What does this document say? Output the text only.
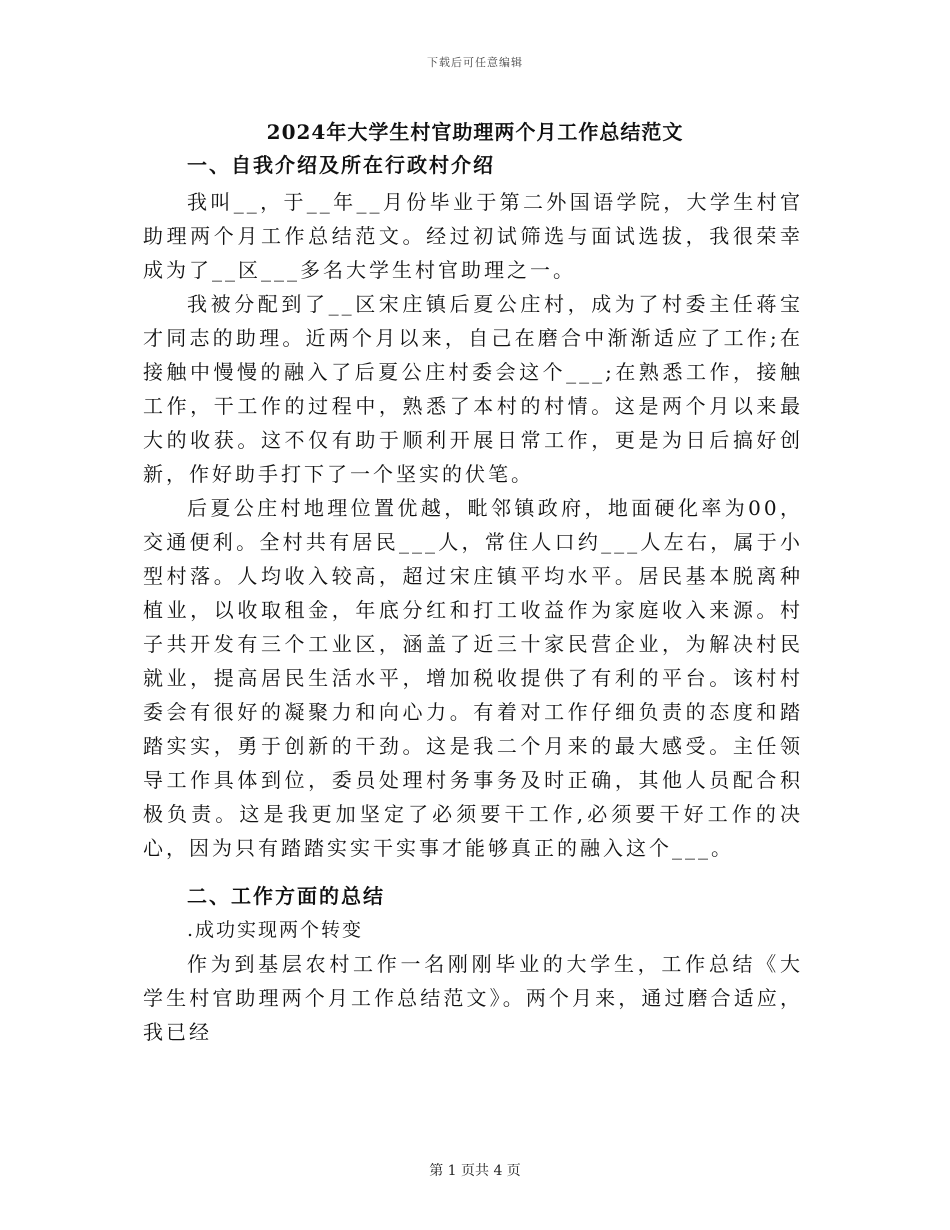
下载后可任意编辑
2024年大学生村官助理两个月工作总结范文

一、自我介绍及所在行政村介绍

我叫__，于__年__月份毕业于第二外国语学院，大学生村官助理两个月工作总结范文。经过初试筛选与面试选拔，我很荣幸成为了__区___多名大学生村官助理之一。

我被分配到了__区宋庄镇后夏公庄村，成为了村委主任蒋宝才同志的助理。近两个月以来，自己在磨合中渐渐适应了工作;在接触中慢慢的融入了后夏公庄村委会这个___;在熟悉工作，接触工作，干工作的过程中，熟悉了本村的村情。这是两个月以来最大的收获。这不仅有助于顺利开展日常工作，更是为日后搞好创新，作好助手打下了一个坚实的伏笔。

后夏公庄村地理位置优越，毗邻镇政府，地面硬化率为00，交通便利。全村共有居民___人，常住人口约___人左右，属于小型村落。人均收入较高，超过宋庄镇平均水平。居民基本脱离种植业，以收取租金，年底分红和打工收益作为家庭收入来源。村子共开发有三个工业区，涵盖了近三十家民营企业，为解决村民就业，提高居民生活水平，增加税收提供了有利的平台。该村村委会有很好的凝聚力和向心力。有着对工作仔细负责的态度和踏踏实实，勇于创新的干劲。这是我二个月来的最大感受。主任领导工作具体到位，委员处理村务事务及时正确，其他人员配合积极负责。这是我更加坚定了必须要干工作,必须要干好工作的决心，因为只有踏踏实实干实事才能够真正的融入这个___。

二、工作方面的总结

.成功实现两个转变

作为到基层农村工作一名刚刚毕业的大学生，工作总结《大学生村官助理两个月工作总结范文》。两个月来，通过磨合适应，我已经

第 1 页共 4 页
